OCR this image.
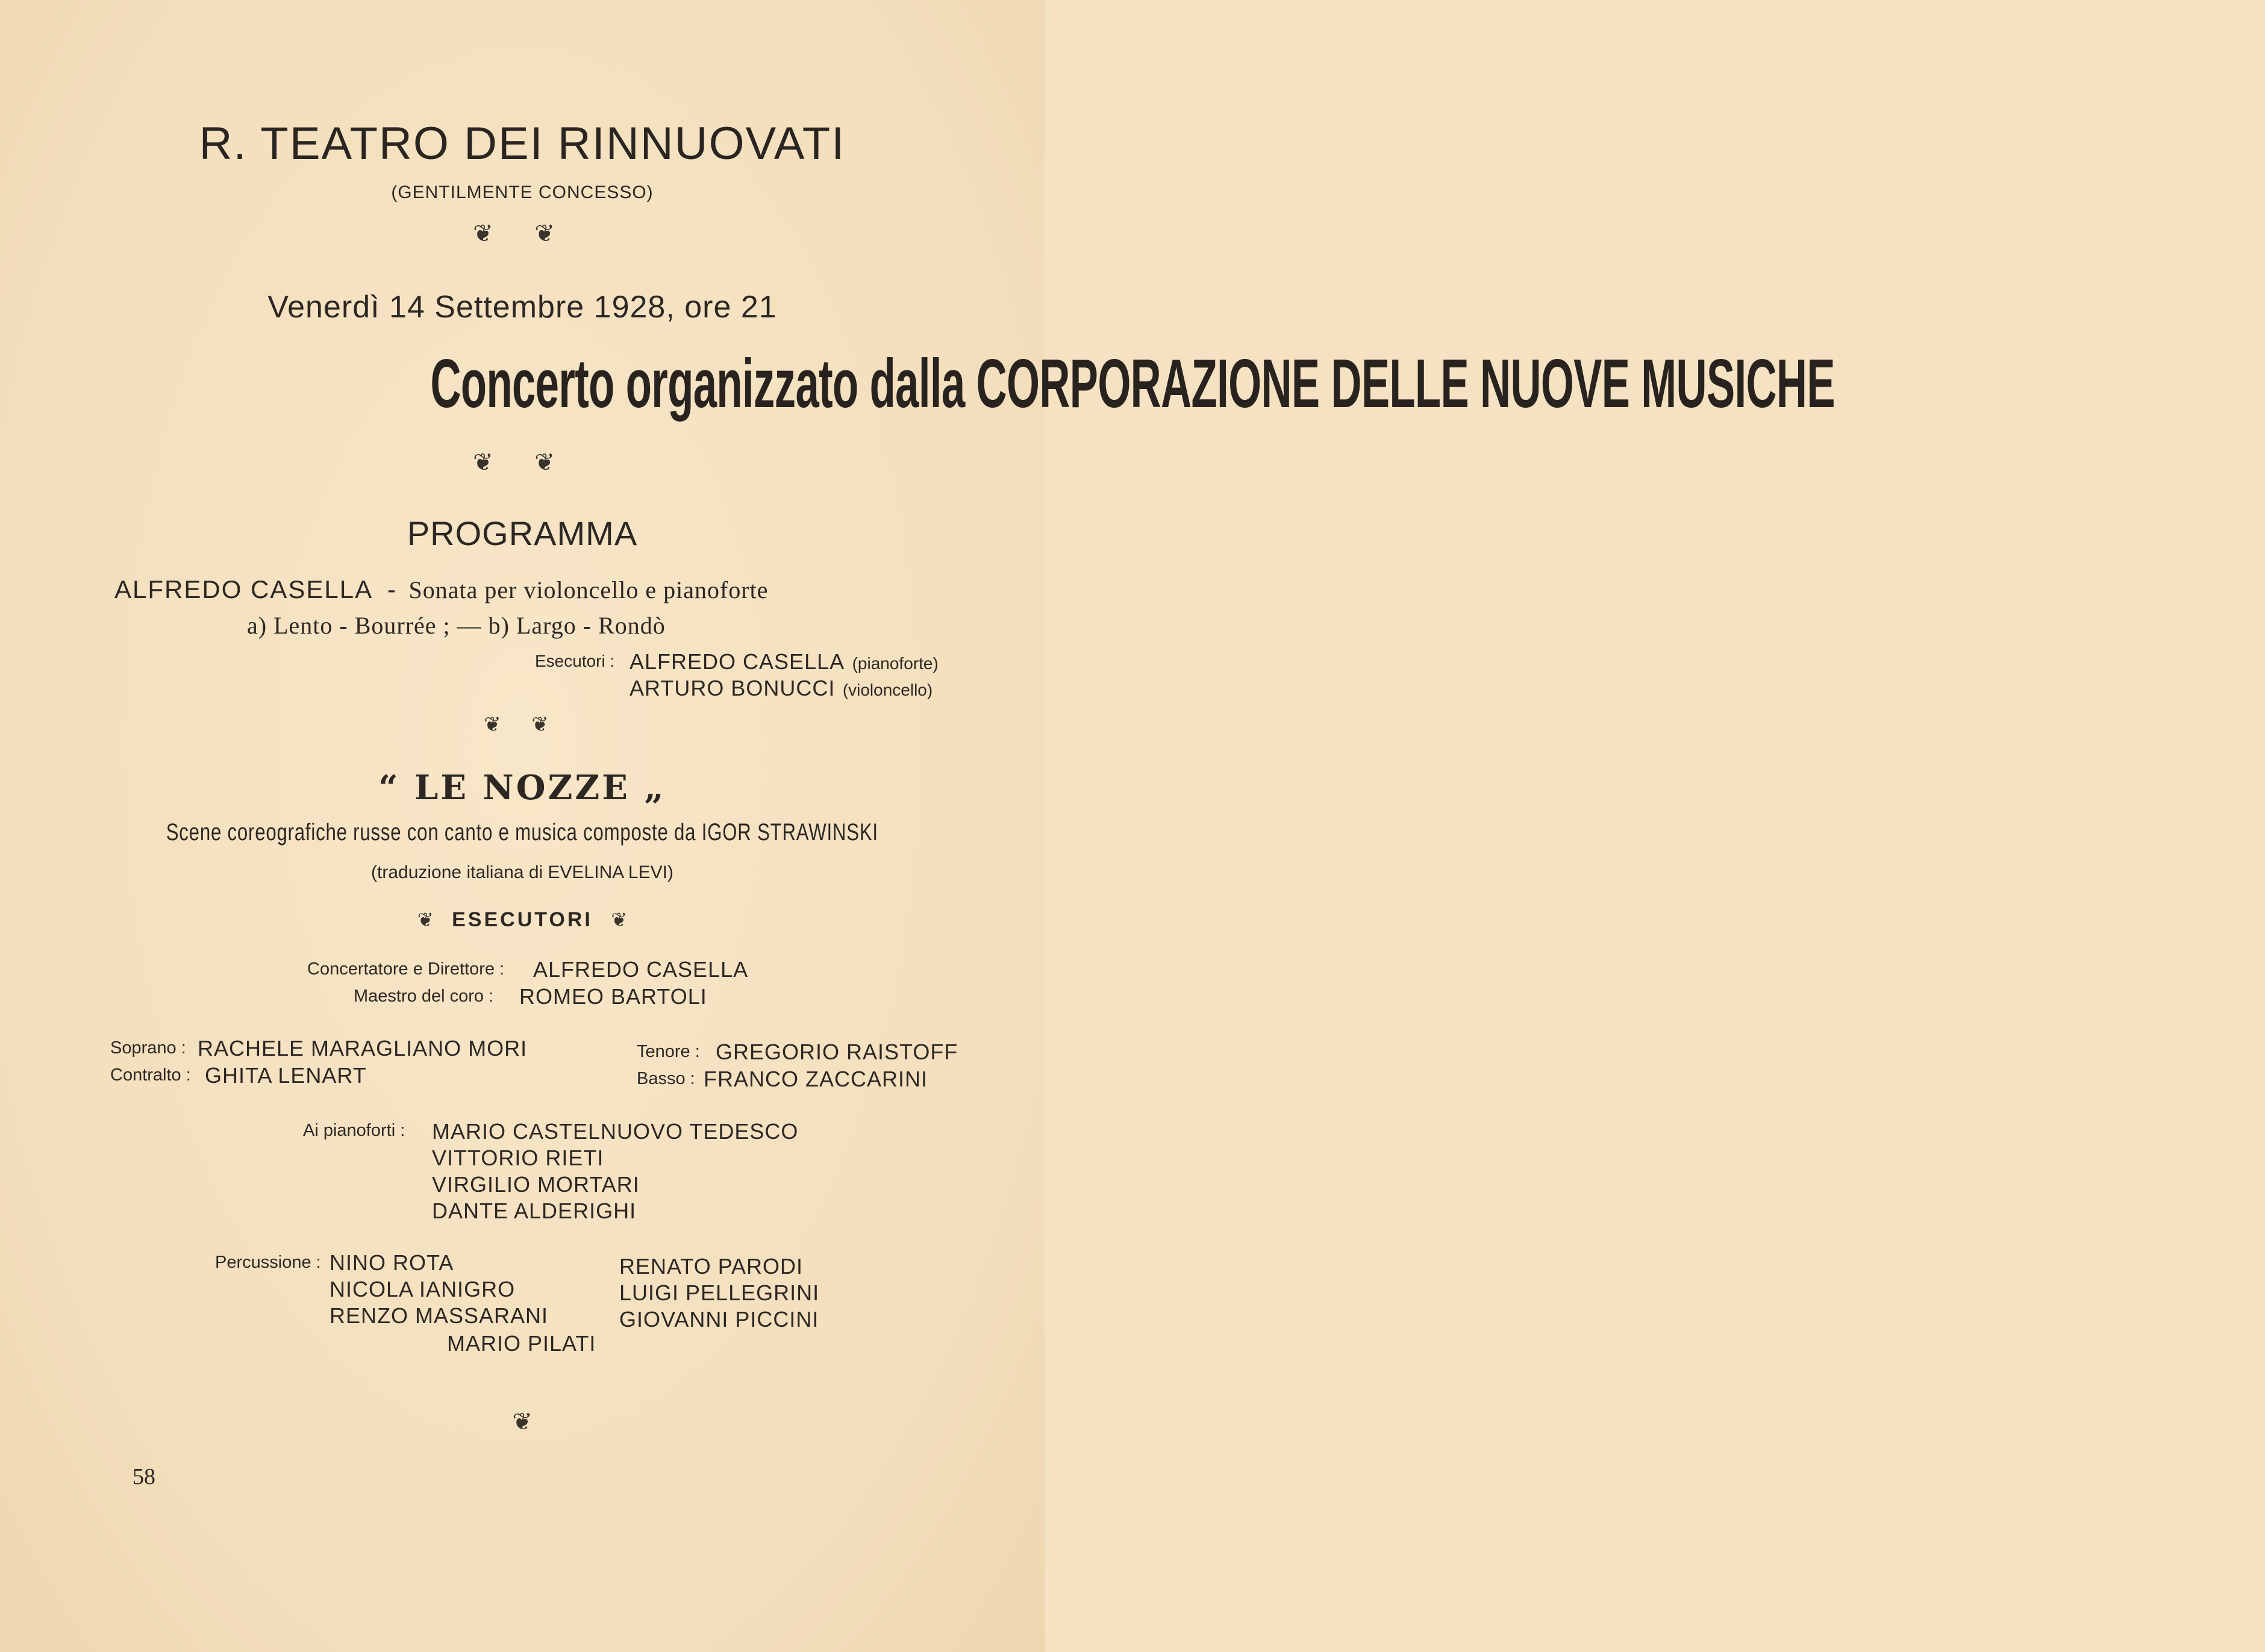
R. TEATRO DEI RINNUOVATI
(GENTILMENTE CONCESSO)
❦ ❦
Venerdì 14 Settembre 1928, ore 21
Concerto organizzato dalla CORPORAZIONE DELLE NUOVE MUSICHE
❦ ❦
PROGRAMMA
ALFREDO CASELLA - Sonata per violoncello e pianoforte
a) Lento - Bourrée ; — b) Largo - Rondò
Esecutori : ALFREDO CASELLA (pianoforte)
ARTURO BONUCCI (violoncello)
❦ ❦
“ LE NOZZE „
Scene coreografiche russe con canto e musica composte da IGOR STRAWINSKI
(traduzione italiana di EVELINA LEVI)
❦ ESECUTORI ❦
Concertatore e Direttore : ALFREDO CASELLA
Maestro del coro : ROMEO BARTOLI
Soprano : RACHELE MARAGLIANO MORI
Contralto : GHITA LENART
Tenore : GREGORIO RAISTOFF
Basso : FRANCO ZACCARINI
Ai pianoforti : MARIO CASTELNUOVO TEDESCO
VITTORIO RIETI
VIRGILIO MORTARI
DANTE ALDERIGHI
Percussione : NINO ROTA
NICOLA IANIGRO
RENZO MASSARANI
RENATO PARODI
LUIGI PELLEGRINI
GIOVANNI PICCINI
MARIO PILATI
❦
58
